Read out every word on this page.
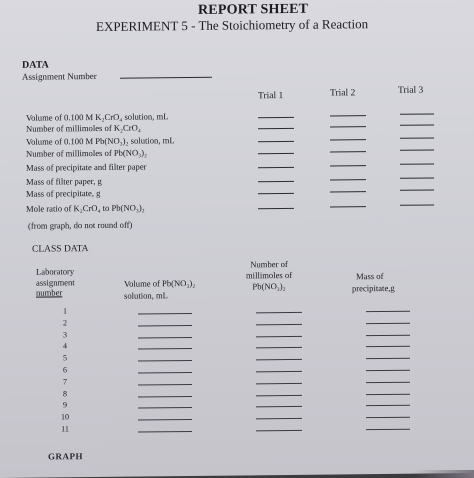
REPORT SHEET
EXPERIMENT 5 - The Stoichiometry of a Reaction
DATA
Assignment Number
Trial 1	Trial 2	Trial 3
Volume of 0.100 M K₂CrO₄ solution, mL
Number of millimoles of K₂CrO₄
Volume of 0.100 M Pb(NO₃)₂ solution, mL
Number of millimoles of Pb(NO₃)₂
Mass of precipitate and filter paper
Mass of filter paper, g
Mass of precipitate, g
Mole ratio of K₂CrO₄ to Pb(NO₃)₂
(from graph, do not round off)
CLASS DATA
Laboratory
assignment
number
Volume of Pb(NO₃)₂
solution, mL
Number of
millimoles of
Pb(NO₃)₂
Mass of
precipitate,g
1
2
3
4
5
6
7
8
9
10
11
GRAPH
